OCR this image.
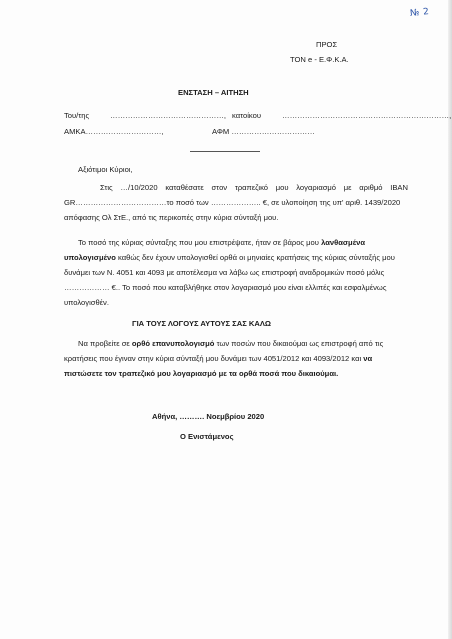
№ 2
ΠΡΟΣ
ΤΟΝ e - Ε.Φ.Κ.Α.
ΕΝΣΤΑΣΗ – ΑΙΤΗΣΗ
Του/της	………………………………………, κατοίκου	…………………………………………………………,
ΑΜΚΑ…………………………,	ΑΦΜ ……………………………
Αξιότιμοι Κύριοι,
Στις …/10/2020 καταθέσατε στον τραπεζικό μου λογαριασμό με αριθμό IBAN
GR………………………………το ποσό των ……………….. €, σε υλοποίηση της υπ' αριθ. 1439/2020
απόφασης Ολ ΣτΕ., από τις περικοπές στην κύρια σύνταξή μου.
Το ποσό της κύριας σύνταξης που μου επιστρέψατε, ήταν σε βάρος μου λανθασμένα
υπολογισμένο καθώς δεν έχουν υπολογισθεί ορθά οι μηνιαίες κρατήσεις της κύριας σύνταξής μου
δυνάμει των Ν. 4051 και 4093 με αποτέλεσμα να λάβω ως επιστροφή αναδρομικών ποσό μόλις
……………… €.. Το ποσό που καταβλήθηκε στον λογαριασμό μου είναι ελλιπές και εσφαλμένως
υπολογισθέν.
ΓΙΑ ΤΟΥΣ ΛΟΓΟΥΣ ΑΥΤΟΥΣ ΣΑΣ ΚΑΛΩ
Να προβείτε σε ορθό επανυπολογισμό των ποσών που δικαιούμαι ως επιστροφή από τις
κρατήσεις που έγιναν στην κύρια σύνταξή μου δυνάμει των 4051/2012 και 4093/2012 και να
πιστώσετε τον τραπεζικό μου λογαριασμό με τα ορθά ποσά που δικαιούμαι.
Αθήνα, ………. Νοεμβρίου 2020
Ο Ενιστάμενος
